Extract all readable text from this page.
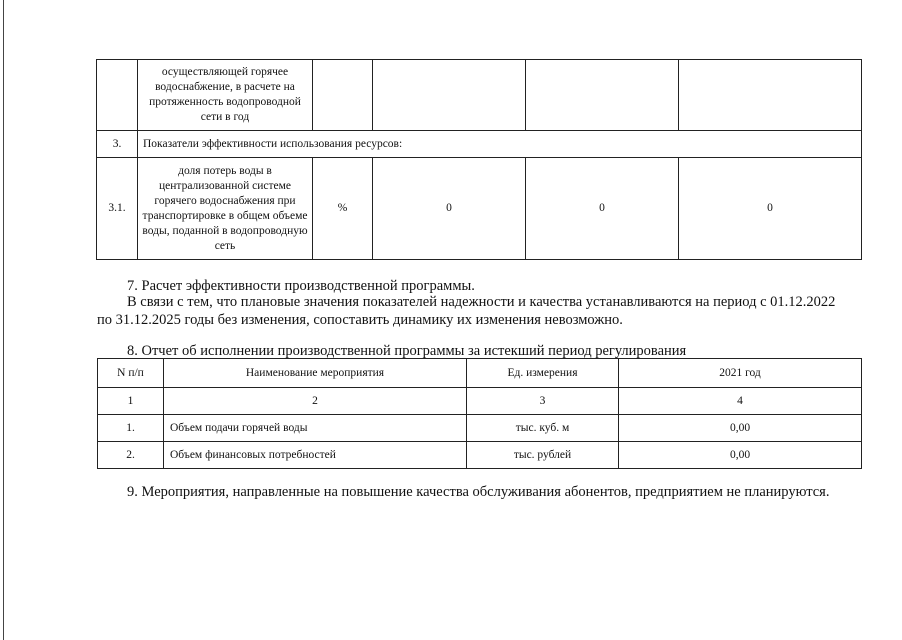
	осуществляющей горячее водоснабжение, в расчете на протяженность водопроводной сети в год				
3.	Показатели эффективности использования ресурсов:				
3.1.	доля потерь воды в централизованной системе горячего водоснабжения при транспортировке в общем объеме воды, поданной в водопроводную сеть	%	0	0	0
7. Расчет эффективности производственной программы.
В связи с тем, что плановые значения показателей надежности и качества устанавливаются на период с 01.12.2022
по 31.12.2025 годы без изменения, сопоставить динамику их изменения невозможно.
8. Отчет об исполнении производственной программы за истекший период регулирования
N п/п	Наименование мероприятия	Ед. измерения	2021 год
1	2	3	4
1.	Объем подачи горячей воды	тыс. куб. м	0,00
2.	Объем финансовых потребностей	тыс. рублей	0,00
9. Мероприятия, направленные на повышение качества обслуживания абонентов, предприятием не планируются.
